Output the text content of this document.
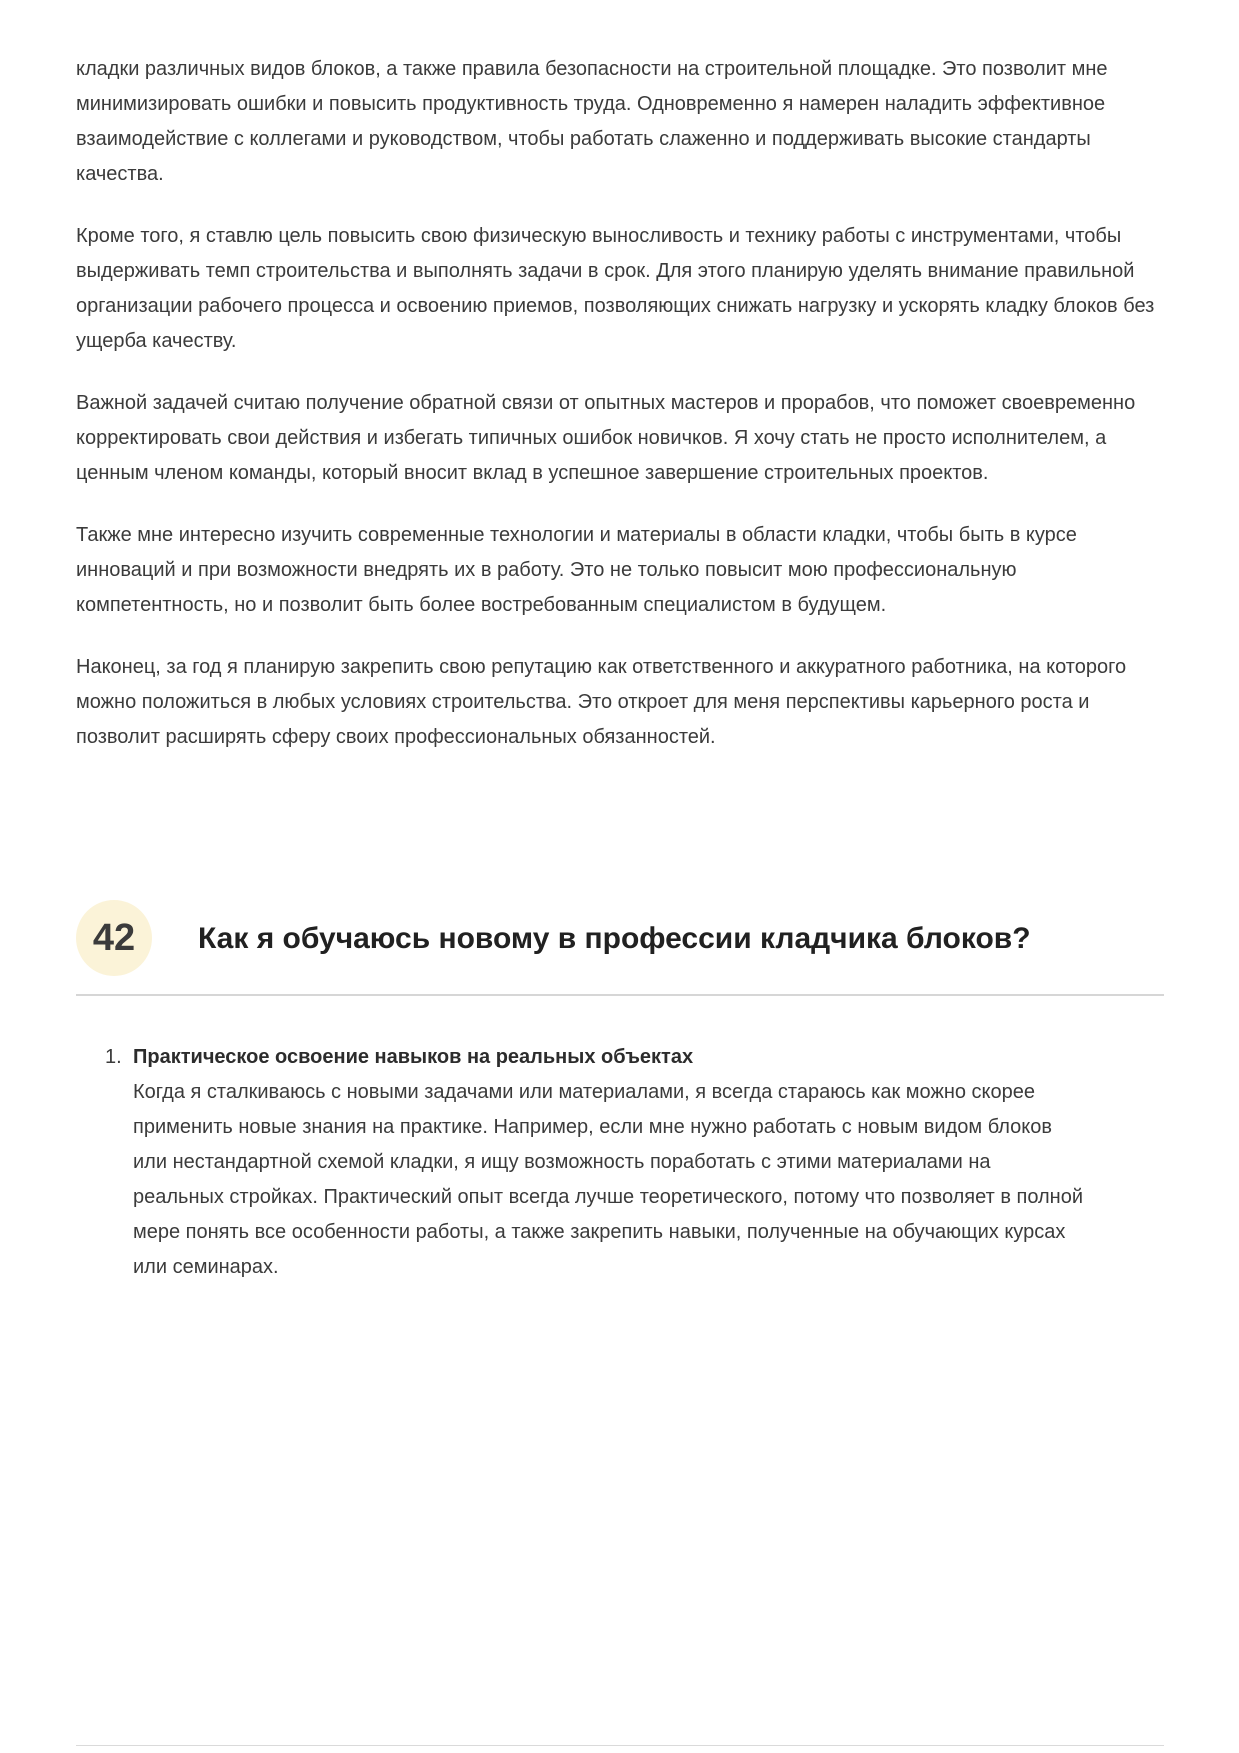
кладки различных видов блоков, а также правила безопасности на строительной площадке. Это позволит мне минимизировать ошибки и повысить продуктивность труда. Одновременно я намерен наладить эффективное взаимодействие с коллегами и руководством, чтобы работать слаженно и поддерживать высокие стандарты качества.

Кроме того, я ставлю цель повысить свою физическую выносливость и технику работы с инструментами, чтобы выдерживать темп строительства и выполнять задачи в срок. Для этого планирую уделять внимание правильной организации рабочего процесса и освоению приемов, позволяющих снижать нагрузку и ускорять кладку блоков без ущерба качеству.

Важной задачей считаю получение обратной связи от опытных мастеров и прорабов, что поможет своевременно корректировать свои действия и избегать типичных ошибок новичков. Я хочу стать не просто исполнителем, а ценным членом команды, который вносит вклад в успешное завершение строительных проектов.

Также мне интересно изучить современные технологии и материалы в области кладки, чтобы быть в курсе инноваций и при возможности внедрять их в работу. Это не только повысит мою профессиональную компетентность, но и позволит быть более востребованным специалистом в будущем.

Наконец, за год я планирую закрепить свою репутацию как ответственного и аккуратного работника, на которого можно положиться в любых условиях строительства. Это откроет для меня перспективы карьерного роста и позволит расширять сферу своих профессиональных обязанностей.

42 Как я обучаюсь новому в профессии кладчика блоков?
1. Практическое освоение навыков на реальных объектах

Когда я сталкиваюсь с новыми задачами или материалами, я всегда стараюсь как можно скорее применить новые знания на практике. Например, если мне нужно работать с новым видом блоков или нестандартной схемой кладки, я ищу возможность поработать с этими материалами на реальных стройках. Практический опыт всегда лучше теоретического, потому что позволяет в полной мере понять все особенности работы, а также закрепить навыки, полученные на обучающих курсах или семинарах.
